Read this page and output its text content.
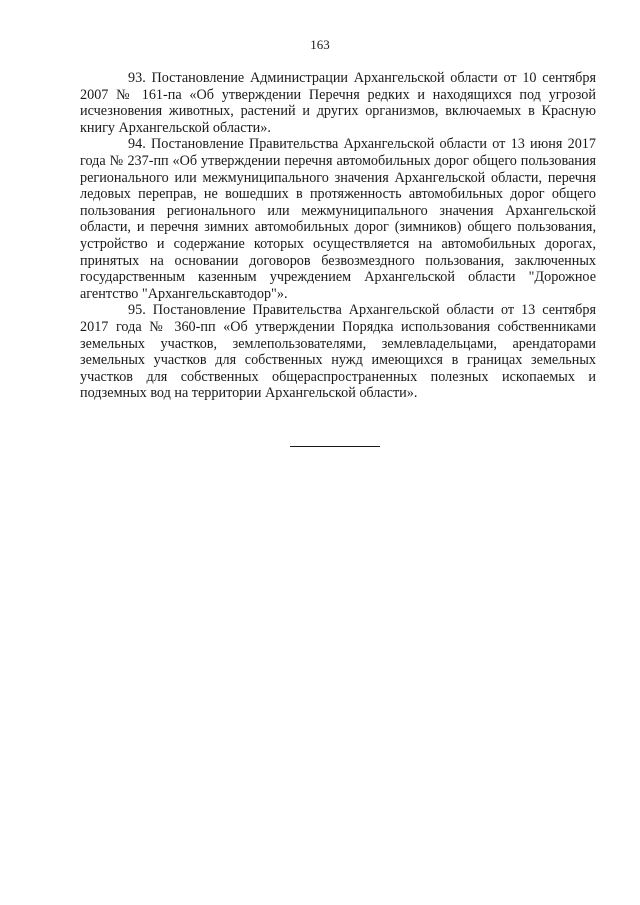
163

93. Постановление Администрации Архангельской области от 10 сентября 2007 № 161-па «Об утверждении Перечня редких и находящихся под угрозой исчезновения животных, растений и других организмов, включаемых в Красную книгу Архангельской области».

94. Постановление Правительства Архангельской области от 13 июня 2017 года № 237-пп «Об утверждении перечня автомобильных дорог общего пользования регионального или межмуниципального значения Архангельской области, перечня ледовых переправ, не вошедших в протяженность автомобильных дорог общего пользования регионального или межмуниципального значения Архангельской области, и перечня зимних автомобильных дорог (зимников) общего пользования, устройство и содержание которых осуществляется на автомобильных дорогах, принятых на основании договоров безвозмездного пользования, заключенных государственным казенным учреждением Архангельской области "Дорожное агентство "Архангельскавтодор"».

95. Постановление Правительства Архангельской области от 13 сентября 2017 года № 360-пп «Об утверждении Порядка использования собственниками земельных участков, землепользователями, землевладельцами, арендаторами земельных участков для собственных нужд имеющихся в границах земельных участков для собственных общераспространенных полезных ископаемых и подземных вод на территории Архангельской области».
